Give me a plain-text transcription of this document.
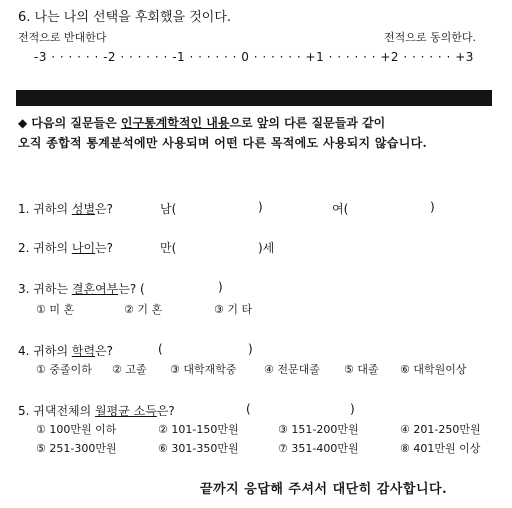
6. 나는 나의 선택을 후회했을 것이다.
전적으로 반대한다	전적으로 동의한다.
-3 · · · · · · -2 · · · · · · -1 · · · · · · 0 · · · · · · +1 · · · · · · +2 · · · · · · +3
◆ 다음의 질문들은 인구통계학적인 내용으로 앞의 다른 질문들과 같이
오직 종합적 통계분석에만 사용되며 어떤 다른 목적에도 사용되지 않습니다.
1. 귀하의 성별은?	남(	)	여(	)
2. 귀하의 나이는?	만(	)세
3. 귀하는 결혼여부는? (	)
① 미 혼	② 기 혼	③ 기 타
4. 귀하의 학력은?	(	)
① 중졸이하 ② 고졸 ③ 대학재학중	④ 전문대졸 ⑤ 대졸 ⑥ 대학원이상
5. 귀댁전체의 월평균 소득은?	(	)
① 100만원 이하	② 101-150만원	③ 151-200만원	④ 201-250만원
⑤ 251-300만원	⑥ 301-350만원	⑦ 351-400만원	⑧ 401만원 이상
끝까지 응답해 주셔서 대단히 감사합니다.
